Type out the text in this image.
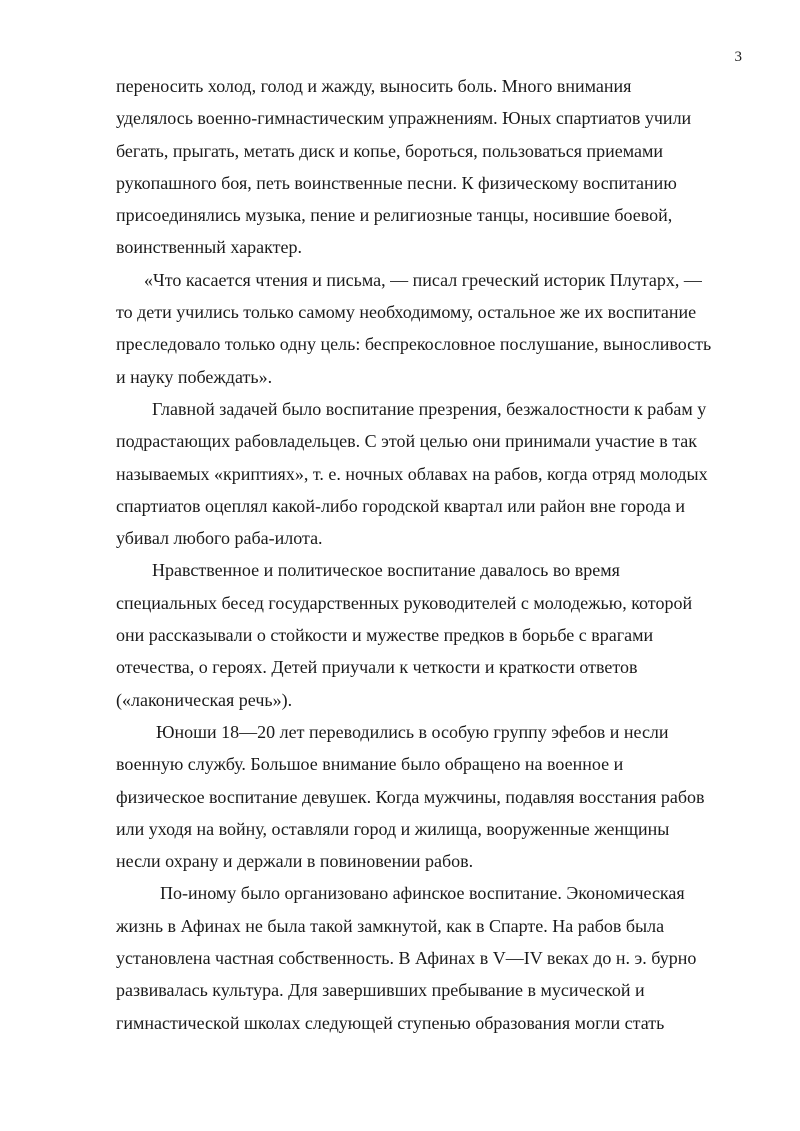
3

переносить холод, голод и жажду, выносить боль. Много внимания
уделялось военно-гимнастическим упражнениям. Юных спартиатов учили
бегать, прыгать, метать диск и копье, бороться, пользоваться приемами
рукопашного боя, петь воинственные песни. К физическому воспитанию
присоединялись музыка, пение и религиозные танцы, носившие боевой,
воинственный характер.

«Что касается чтения и письма, — писал греческий историк Плутарх, —
то дети учились только самому необходимому, остальное же их воспитание
преследовало только одну цель: беспрекословное послушание, выносливость
и науку побеждать».

Главной задачей было воспитание презрения, безжалостности к рабам у
подрастающих рабовладельцев. С этой целью они принимали участие в так
называемых «криптиях», т. е. ночных облавах на рабов, когда отряд молодых
спартиатов оцеплял какой-либо городской квартал или район вне города и
убивал любого раба-илота.

Нравственное и политическое воспитание давалось во время
специальных бесед государственных руководителей с молодежью, которой
они рассказывали о стойкости и мужестве предков в борьбе с врагами
отечества, о героях. Детей приучали к четкости и краткости ответов
(«лаконическая речь»).

Юноши 18—20 лет переводились в особую группу эфебов и несли
военную службу. Большое внимание было обращено на военное и
физическое воспитание девушек. Когда мужчины, подавляя восстания рабов
или уходя на войну, оставляли город и жилища, вооруженные женщины
несли охрану и держали в повиновении рабов.

По-иному было организовано афинское воспитание. Экономическая
жизнь в Афинах не была такой замкнутой, как в Спарте. На рабов была
установлена частная собственность. В Афинах в V—IV веках до н. э. бурно
развивалась культура. Для завершивших пребывание в мусической и
гимнастической школах следующей ступенью образования могли стать
